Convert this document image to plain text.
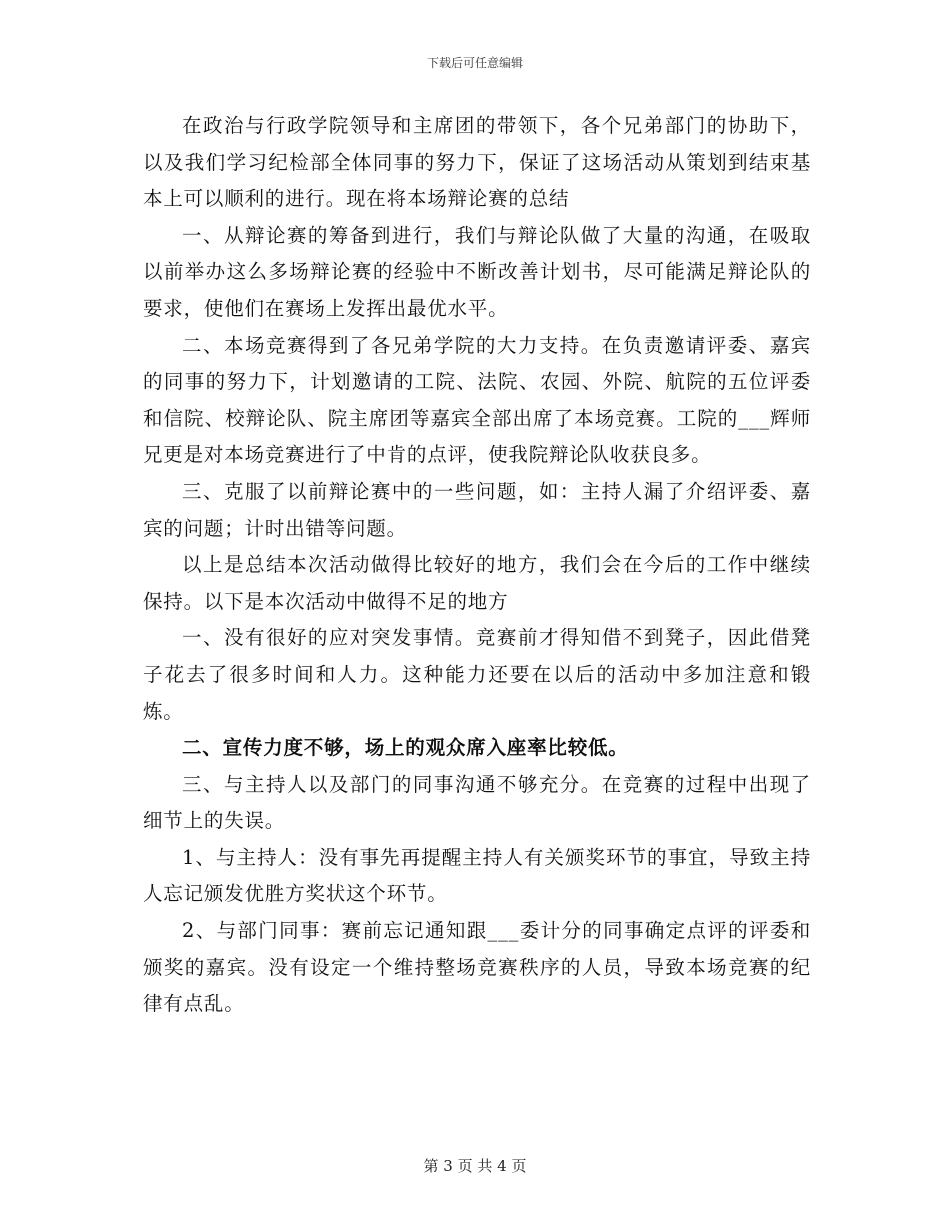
下载后可任意编辑

在政治与行政学院领导和主席团的带领下，各个兄弟部门的协助下，以及我们学习纪检部全体同事的努力下，保证了这场活动从策划到结束基本上可以顺利的进行。现在将本场辩论赛的总结

一、从辩论赛的筹备到进行，我们与辩论队做了大量的沟通，在吸取以前举办这么多场辩论赛的经验中不断改善计划书，尽可能满足辩论队的要求，使他们在赛场上发挥出最优水平。

二、本场竞赛得到了各兄弟学院的大力支持。在负责邀请评委、嘉宾的同事的努力下，计划邀请的工院、法院、农园、外院、航院的五位评委和信院、校辩论队、院主席团等嘉宾全部出席了本场竞赛。工院的___辉师兄更是对本场竞赛进行了中肯的点评，使我院辩论队收获良多。

三、克服了以前辩论赛中的一些问题，如：主持人漏了介绍评委、嘉宾的问题；计时出错等问题。

以上是总结本次活动做得比较好的地方，我们会在今后的工作中继续保持。以下是本次活动中做得不足的地方

一、没有很好的应对突发事情。竞赛前才得知借不到凳子，因此借凳子花去了很多时间和人力。这种能力还要在以后的活动中多加注意和锻炼。

二、宣传力度不够，场上的观众席入座率比较低。

三、与主持人以及部门的同事沟通不够充分。在竞赛的过程中出现了细节上的失误。

1、与主持人：没有事先再提醒主持人有关颁奖环节的事宜，导致主持人忘记颁发优胜方奖状这个环节。

2、与部门同事：赛前忘记通知跟___委计分的同事确定点评的评委和颁奖的嘉宾。没有设定一个维持整场竞赛秩序的人员，导致本场竞赛的纪律有点乱。

第 3 页 共 4 页
